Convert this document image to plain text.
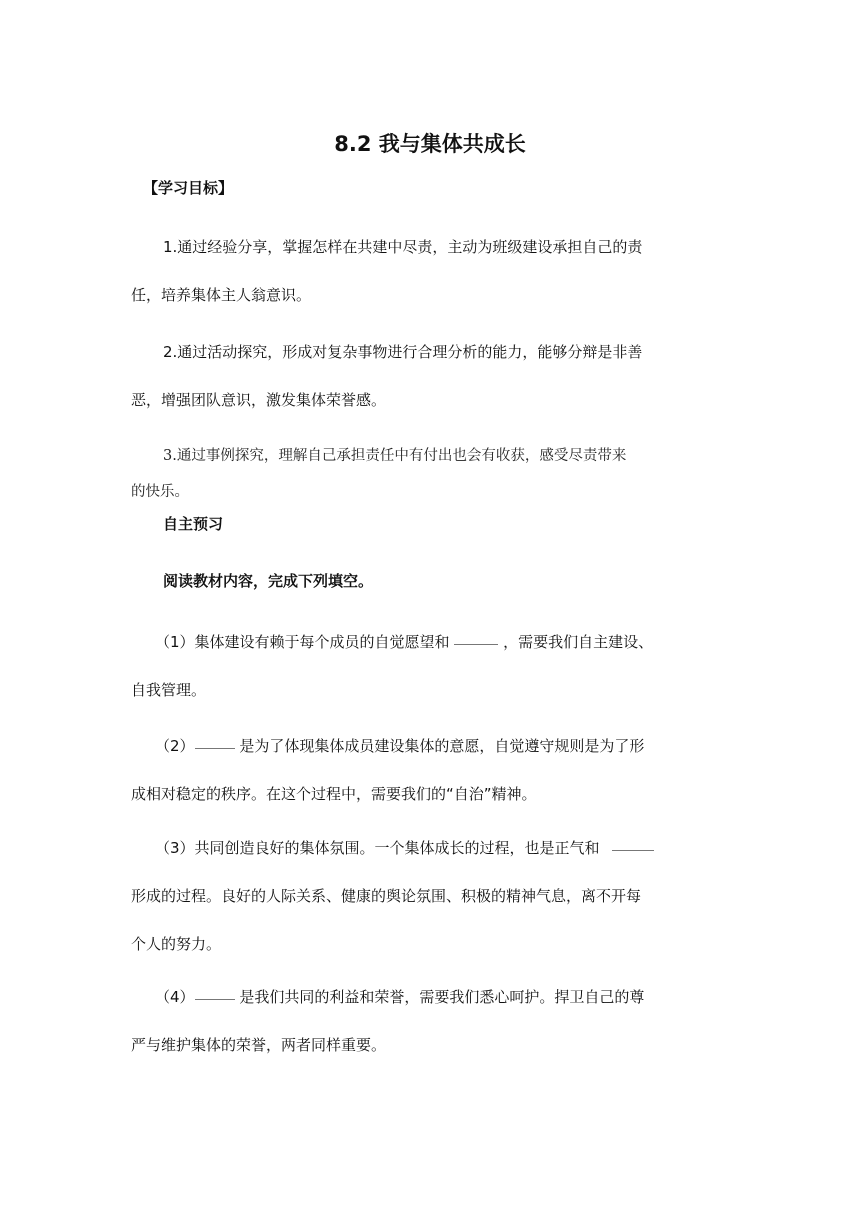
8.2 我与集体共成长
【学习目标】
1.通过经验分享，掌握怎样在共建中尽责，主动为班级建设承担自己的责
任，培养集体主人翁意识。
2.通过活动探究，形成对复杂事物进行合理分析的能力，能够分辩是非善
恶，增强团队意识，激发集体荣誉感。
3.通过事例探究，理解自己承担责任中有付出也会有收获，感受尽责带来
的快乐。
自主预习
阅读教材内容，完成下列填空。
（1）集体建设有赖于每个成员的自觉愿望和	，需要我们自主建设、
自我管理。
（2）	是为了体现集体成员建设集体的意愿，自觉遵守规则是为了形
成相对稳定的秩序。在这个过程中，需要我们的“自治”精神。
（3）共同创造良好的集体氛围。一个集体成长的过程，也是正气和
形成的过程。良好的人际关系、健康的舆论氛围、积极的精神气息，离不开每
个人的努力。
（4）	是我们共同的利益和荣誉，需要我们悉心呵护。捍卫自己的尊
严与维护集体的荣誉，两者同样重要。
